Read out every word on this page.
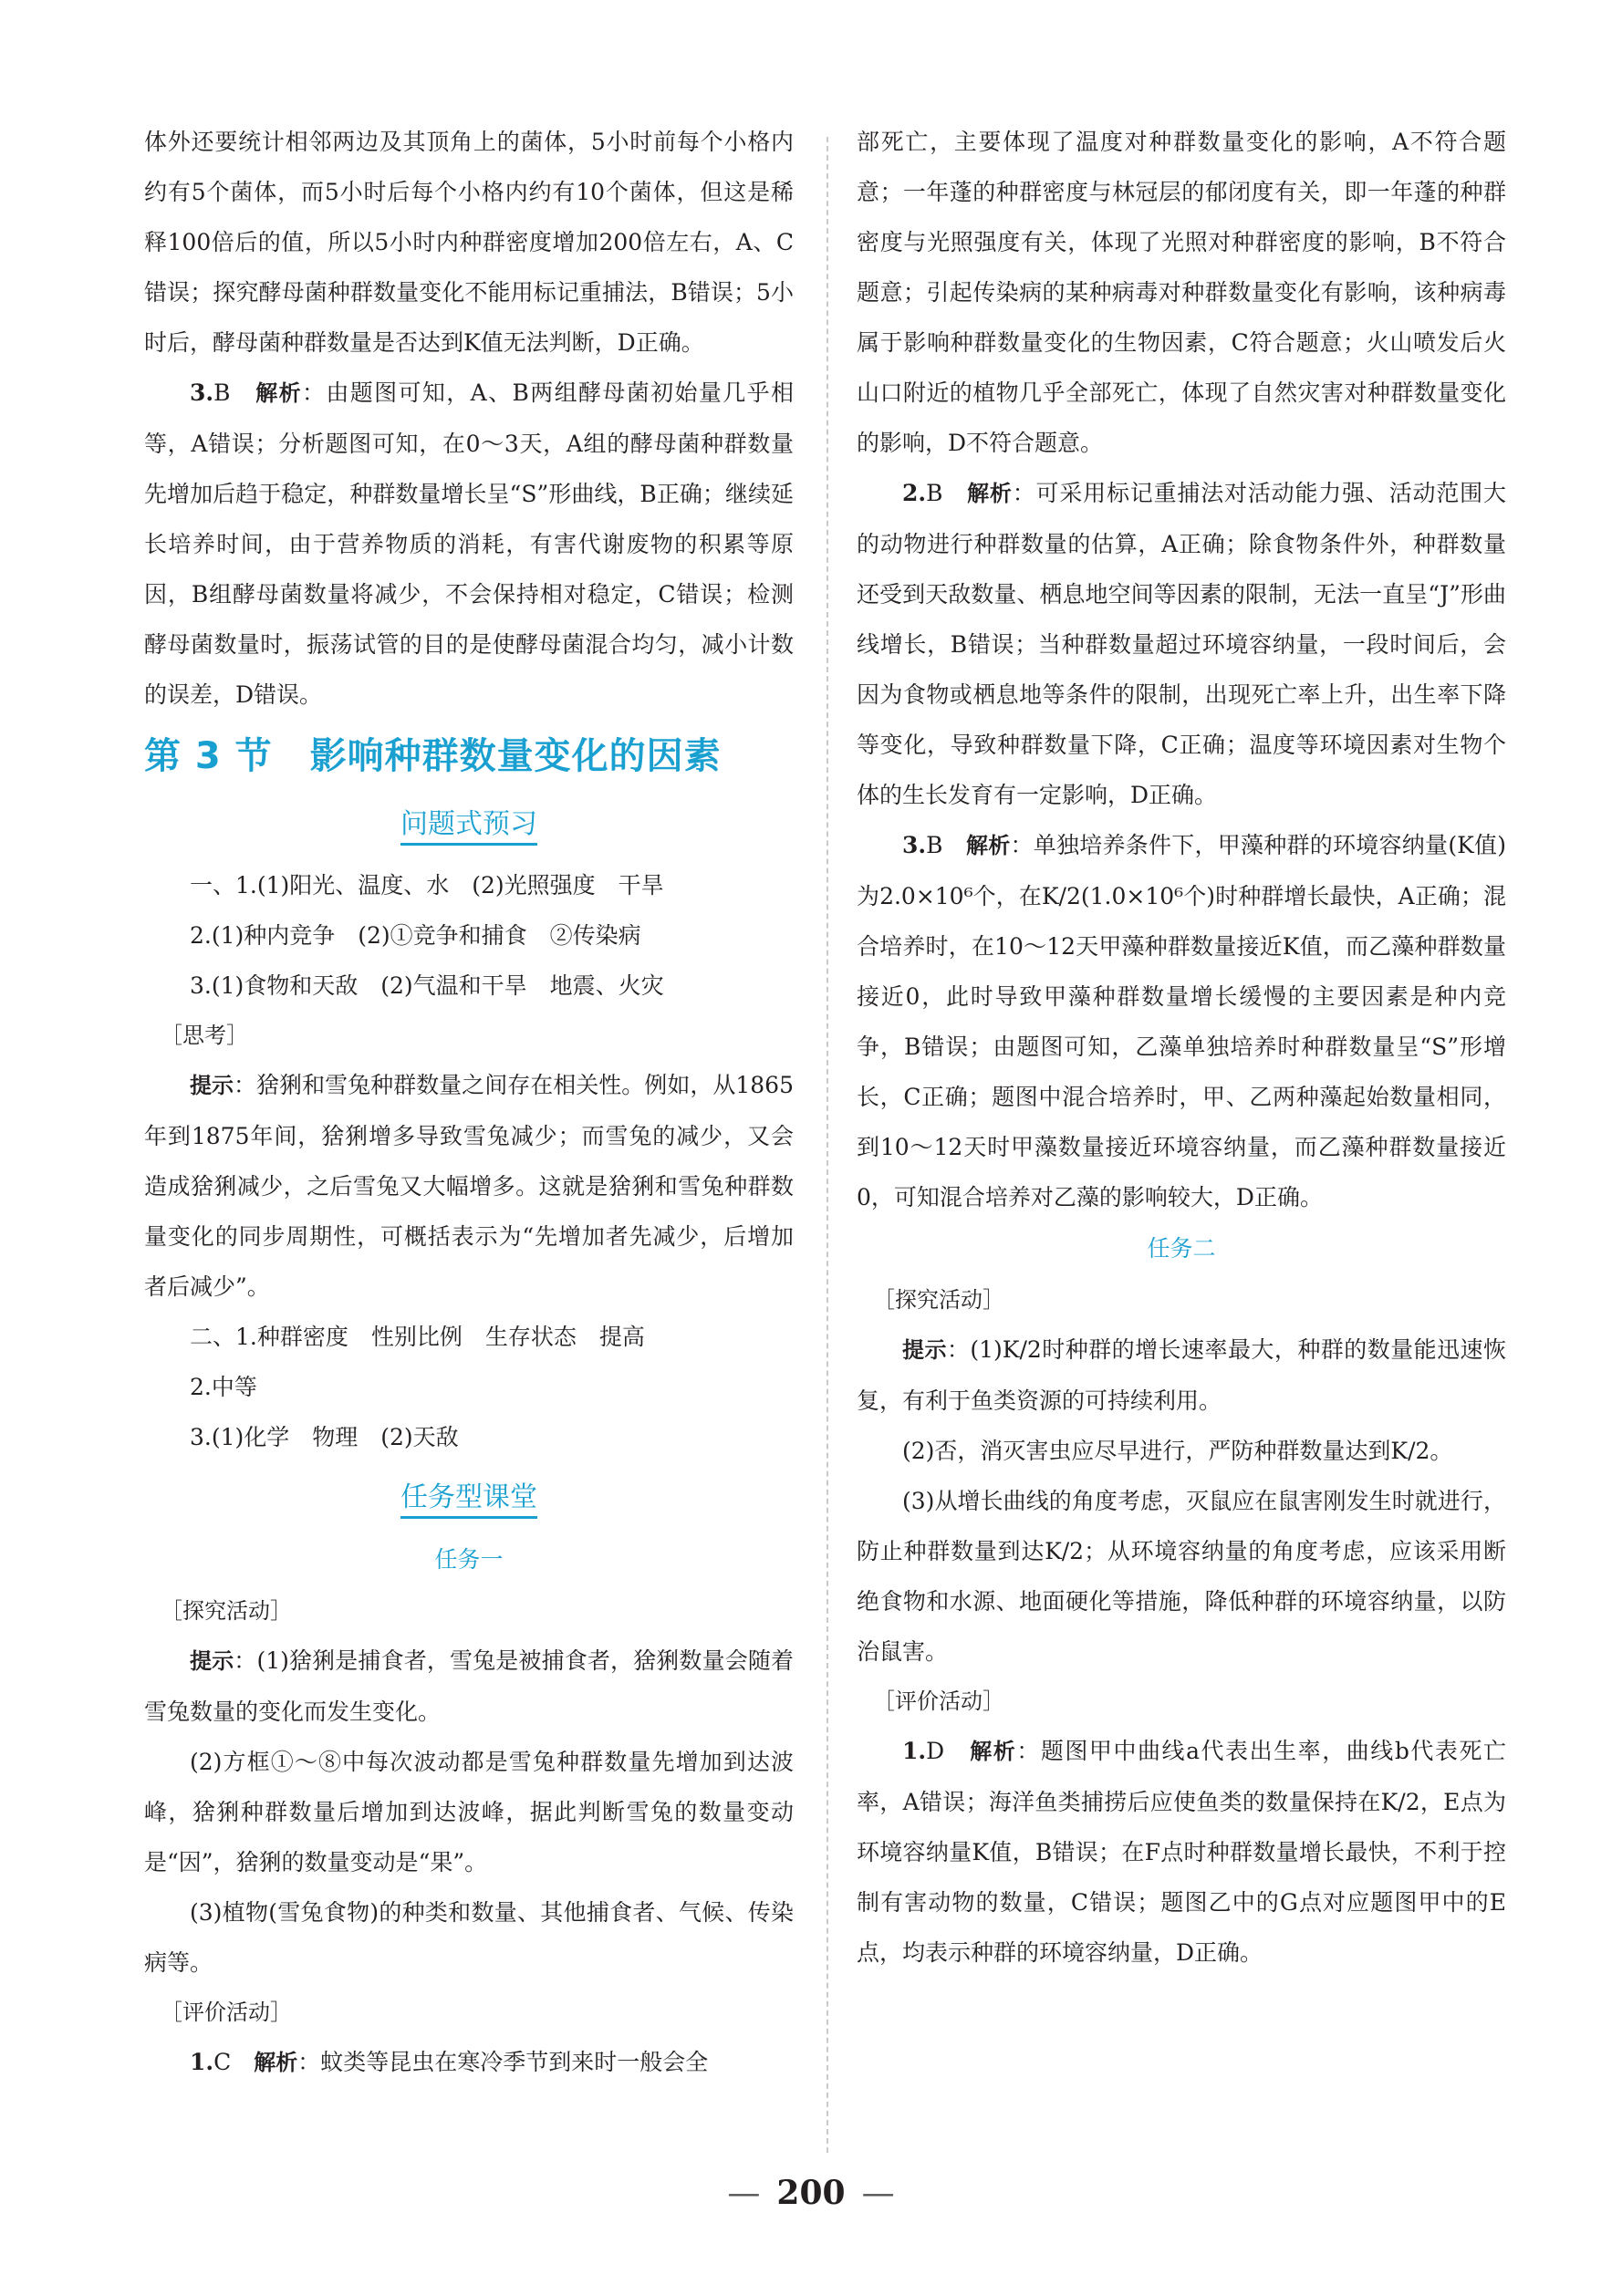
体外还要统计相邻两边及其顶角上的菌体，5小时前每个小格内约有5个菌体，而5小时后每个小格内约有10个菌体，但这是稀释100倍后的值，所以5小时内种群密度增加200倍左右，A、C错误；探究酵母菌种群数量变化不能用标记重捕法，B错误；5小时后，酵母菌种群数量是否达到K值无法判断，D正确。

3.B　 解析：由题图可知，A、B两组酵母菌初始量几乎相等，A错误；分析题图可知，在0～3天，A组的酵母菌种群数量先增加后趋于稳定，种群数量增长呈“S”形曲线，B正确；继续延长培养时间，由于营养物质的消耗，有害代谢废物的积累等原因，B组酵母菌数量将减少，不会保持相对稳定，C错误；检测酵母菌数量时，振荡试管的目的是使酵母菌混合均匀，减小计数的误差，D错误。

第 3 节　影响种群数量变化的因素
问题式预习

一、1.(1)阳光、温度、水　(2)光照强度　干旱

2.(1)种内竞争　(2)①竞争和捕食　②传染病

3.(1)食物和天敌　(2)气温和干旱　地震、火灾

［思考］

提示：猞猁和雪兔种群数量之间存在相关性。例如，从1865年到1875年间，猞猁增多导致雪兔减少；而雪兔的减少，又会造成猞猁减少，之后雪兔又大幅增多。这就是猞猁和雪兔种群数量变化的同步周期性，可概括表示为“先增加者先减少，后增加者后减少”。

二、1.种群密度　性别比例　生存状态　提高

2.中等

3.(1)化学　物理　(2)天敌

任务型课堂
任务一
［探究活动］

提示：(1)猞猁是捕食者，雪兔是被捕食者，猞猁数量会随着雪兔数量的变化而发生变化。

(2)方框①～⑧中每次波动都是雪兔种群数量先增加到达波峰，猞猁种群数量后增加到达波峰，据此判断雪兔的数量变动是“因”，猞猁的数量变动是“果”。

(3)植物(雪兔食物)的种类和数量、其他捕食者、气候、传染病等。

［评价活动］

1.C　 解析：蚊类等昆虫在寒冷季节到来时一般会全

部死亡，主要体现了温度对种群数量变化的影响，A不符合题意；一年蓬的种群密度与林冠层的郁闭度有关，即一年蓬的种群密度与光照强度有关，体现了光照对种群密度的影响，B不符合题意；引起传染病的某种病毒对种群数量变化有影响，该种病毒属于影响种群数量变化的生物因素，C符合题意；火山喷发后火山口附近的植物几乎全部死亡，体现了自然灾害对种群数量变化的影响，D不符合题意。

2.B　 解析：可采用标记重捕法对活动能力强、活动范围大的动物进行种群数量的估算，A正确；除食物条件外，种群数量还受到天敌数量、栖息地空间等因素的限制，无法一直呈“J”形曲线增长，B错误；当种群数量超过环境容纳量，一段时间后，会因为食物或栖息地等条件的限制，出现死亡率上升，出生率下降等变化，导致种群数量下降，C正确；温度等环境因素对生物个体的生长发育有一定影响，D正确。

3.B　 解析：单独培养条件下，甲藻种群的环境容纳量(K值)为2.0×10⁶个，在K/2(1.0×10⁶个)时种群增长最快，A正确；混合培养时，在10～12天甲藻种群数量接近K值，而乙藻种群数量接近0，此时导致甲藻种群数量增长缓慢的主要因素是种内竞争，B错误；由题图可知，乙藻单独培养时种群数量呈“S”形增长，C正确；题图中混合培养时，甲、乙两种藻起始数量相同，到10～12天时甲藻数量接近环境容纳量，而乙藻种群数量接近0，可知混合培养对乙藻的影响较大，D正确。

任务二
［探究活动］

提示：(1)K/2时种群的增长速率最大，种群的数量能迅速恢复，有利于鱼类资源的可持续利用。

(2)否，消灭害虫应尽早进行，严防种群数量达到K/2。

(3)从增长曲线的角度考虑，灭鼠应在鼠害刚发生时就进行，防止种群数量到达K/2；从环境容纳量的角度考虑，应该采用断绝食物和水源、地面硬化等措施，降低种群的环境容纳量，以防治鼠害。

［评价活动］

1.D　 解析：题图甲中曲线a代表出生率，曲线b代表死亡率，A错误；海洋鱼类捕捞后应使鱼类的数量保持在K/2，E点为环境容纳量K值，B错误；在F点时种群数量增长最快，不利于控制有害动物的数量，C错误；题图乙中的G点对应题图甲中的E点，均表示种群的环境容纳量，D正确。

— 200 —
